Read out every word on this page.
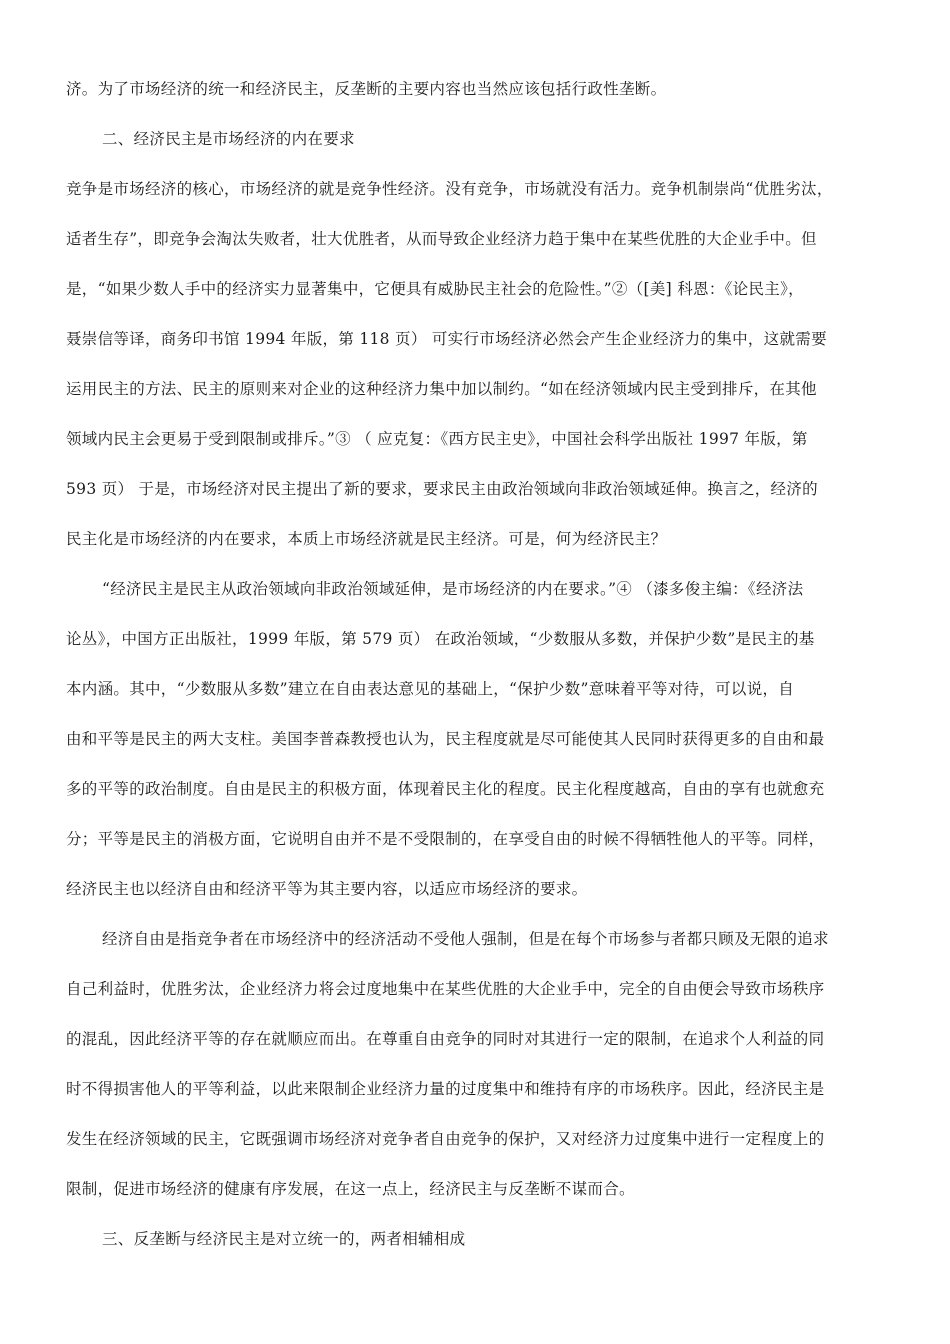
济。为了市场经济的统一和经济民主，反垄断的主要内容也当然应该包括行政性垄断。
二、经济民主是市场经济的内在要求
竞争是市场经济的核心，市场经济的就是竞争性经济。没有竞争，市场就没有活力。竞争机制崇尚“优胜劣汰，
适者生存”，即竞争会淘汰失败者，壮大优胜者，从而导致企业经济力趋于集中在某些优胜的大企业手中。但
是，“如果少数人手中的经济实力显著集中，它便具有威胁民主社会的危险性。”②（[美] 科恩：《论民主》，
聂崇信等译，商务印书馆 1994 年版，第 118 页） 可实行市场经济必然会产生企业经济力的集中，这就需要
运用民主的方法、民主的原则来对企业的这种经济力集中加以制约。“如在经济领域内民主受到排斥，在其他
领域内民主会更易于受到限制或排斥。”③ （ 应克复：《西方民主史》，中国社会科学出版社 1997 年版，第
593 页） 于是，市场经济对民主提出了新的要求，要求民主由政治领域向非政治领域延伸。换言之，经济的
民主化是市场经济的内在要求，本质上市场经济就是民主经济。可是，何为经济民主？
“经济民主是民主从政治领域向非政治领域延伸，是市场经济的内在要求。”④ （漆多俊主编：《经济法
论丛》，中国方正出版社，1999 年版，第 579 页） 在政治领域，“少数服从多数，并保护少数”是民主的基
本内涵。其中，“少数服从多数”建立在自由表达意见的基础上，“保护少数”意味着平等对待，可以说，自
由和平等是民主的两大支柱。美国李普森教授也认为，民主程度就是尽可能使其人民同时获得更多的自由和最
多的平等的政治制度。自由是民主的积极方面，体现着民主化的程度。民主化程度越高，自由的享有也就愈充
分；平等是民主的消极方面，它说明自由并不是不受限制的，在享受自由的时候不得牺牲他人的平等。同样，
经济民主也以经济自由和经济平等为其主要内容，以适应市场经济的要求。
经济自由是指竞争者在市场经济中的经济活动不受他人强制，但是在每个市场参与者都只顾及无限的追求
自己利益时，优胜劣汰，企业经济力将会过度地集中在某些优胜的大企业手中，完全的自由便会导致市场秩序
的混乱，因此经济平等的存在就顺应而出。在尊重自由竞争的同时对其进行一定的限制，在追求个人利益的同
时不得损害他人的平等利益，以此来限制企业经济力量的过度集中和维持有序的市场秩序。因此，经济民主是
发生在经济领域的民主，它既强调市场经济对竞争者自由竞争的保护，又对经济力过度集中进行一定程度上的
限制，促进市场经济的健康有序发展，在这一点上，经济民主与反垄断不谋而合。
三、反垄断与经济民主是对立统一的，两者相辅相成
